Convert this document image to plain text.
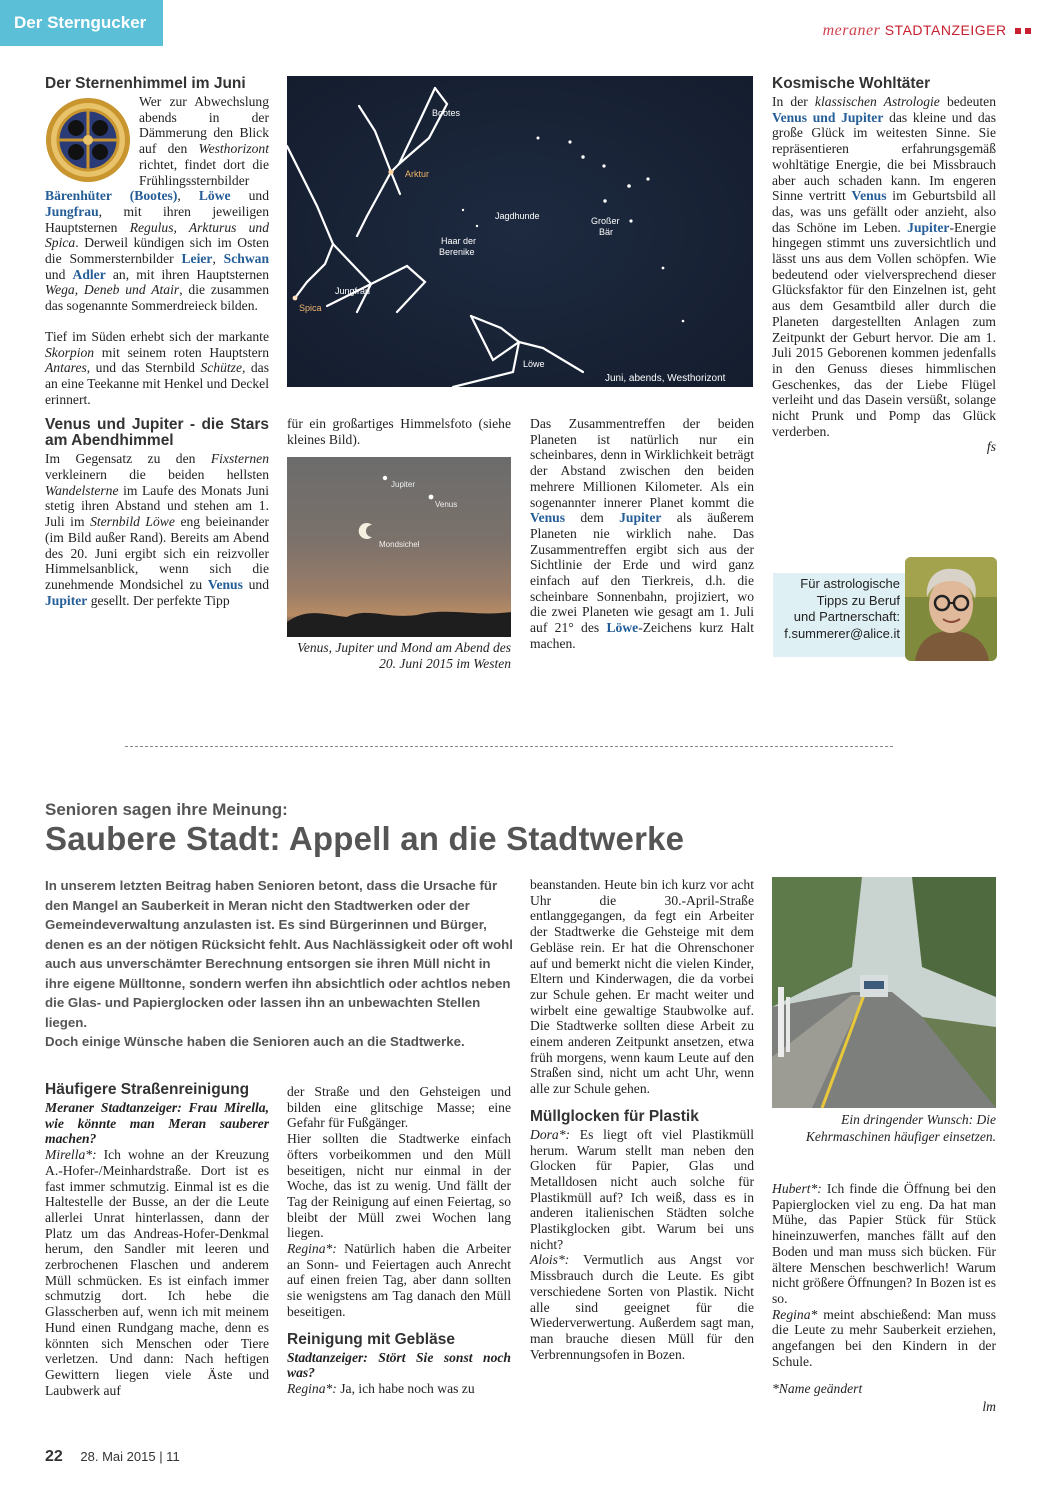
Der Sterngucker	meraner STADTANZEIGER
Der Sternenhimmel im Juni

Wer zur Abwechslung abends in der Dämmerung den Blick auf den Westhorizont richtet, findet dort die Frühlingssternbilder Bärenhüter (Bootes), Löwe und Jungfrau, mit ihren jeweiligen Hauptsternen Regulus, Arkturus und Spica. Derweil kündigen sich im Osten die Sommersternbilder Leier, Schwan und Adler an, mit ihren Hauptsternen Wega, Deneb und Atair, die zusammen das sogenannte Sommerdreieck bilden.

Tief im Süden erhebt sich der markante Skorpion mit seinem roten Hauptstern Antares, und das Sternbild Schütze, das an eine Teekanne mit Henkel und Deckel erinnert.

Venus und Jupiter - die Stars am Abendhimmel

Im Gegensatz zu den Fixsternen verkleinern die beiden hellsten Wandelsterne im Laufe des Monats Juni stetig ihren Abstand und stehen am 1. Juli im Sternbild Löwe eng beieinander (im Bild außer Rand). Bereits am Abend des 20. Juni ergibt sich ein reizvoller Himmelsanblick, wenn sich die zunehmende Mondsichel zu Venus und Jupiter gesellt. Der perfekte Tipp

Bootes
Arktur
Jagdhunde	Großer
Bär
Haar der
Berenike
Jungfrau
Spica
Löwe
Juni, abends, Westhorizont

für ein großartiges Himmelsfoto (siehe kleines Bild).

Jupiter
Venus
Mondsichel
Venus, Jupiter und Mond am Abend des 20. Juni 2015 im Westen

Das Zusammentreffen der beiden Planeten ist natürlich nur ein scheinbares, denn in Wirklichkeit beträgt der Abstand zwischen den beiden mehrere Millionen Kilometer. Als ein sogenannter innerer Planet kommt die Venus dem Jupiter als äußerem Planeten nie wirklich nahe. Das Zusammentreffen ergibt sich aus der Sichtlinie der Erde und wird ganz einfach auf den Tierkreis, d.h. die scheinbare Sonnenbahn, projiziert, wo die zwei Planeten wie gesagt am 1. Juli auf 21° des Löwe-Zeichens kurz Halt machen.

Kosmische Wohltäter

In der klassischen Astrologie bedeuten Venus und Jupiter das kleine und das große Glück im weitesten Sinne. Sie repräsentieren erfahrungsgemäß wohltätige Energie, die bei Missbrauch aber auch schaden kann. Im engeren Sinne vertritt Venus im Geburtsbild all das, was uns gefällt oder anzieht, also das Schöne im Leben. Jupiter-Energie hingegen stimmt uns zuversichtlich und lässt uns aus dem Vollen schöpfen. Wie bedeutend oder vielversprechend dieser Glücksfaktor für den Einzelnen ist, geht aus dem Gesamtbild aller durch die Planeten dargestellten Anlagen zum Zeitpunkt der Geburt hervor. Die am 1. Juli 2015 Geborenen kommen jedenfalls in den Genuss dieses himmlischen Geschenkes, das der Liebe Flügel verleiht und das Dasein versüßt, solange nicht Prunk und Pomp das Glück verderben.

fs

Für astrologische
Tipps zu Beruf
und Partnerschaft:
f.summerer@alice.it
Senioren sagen ihre Meinung:
Saubere Stadt: Appell an die Stadtwerke

In unserem letzten Beitrag haben Senioren betont, dass die Ursache für den Mangel an Sauberkeit in Meran nicht den Stadtwerken oder der Gemeindeverwaltung anzulasten ist. Es sind Bürgerinnen und Bürger, denen es an der nötigen Rücksicht fehlt. Aus Nachlässigkeit oder oft wohl auch aus unverschämter Berechnung entsorgen sie ihren Müll nicht in ihre eigene Mülltonne, sondern werfen ihn absichtlich oder achtlos neben die Glas- und Papierglocken oder lassen ihn an unbewachten Stellen liegen.

Doch einige Wünsche haben die Senioren auch an die Stadtwerke.

Häufigere Straßenreinigung

Meraner Stadtanzeiger: Frau Mirella, wie könnte man Meran sauberer machen?

Mirella*: Ich wohne an der Kreuzung A.-Hofer-/Meinhardstraße. Dort ist es fast immer schmutzig. Einmal ist es die Haltestelle der Busse, an der die Leute allerlei Unrat hinterlassen, dann der Platz um das Andreas-Hofer-Denkmal herum, den Sandler mit leeren und zerbrochenen Flaschen und anderem Müll schmücken. Es ist einfach immer schmutzig dort. Ich hebe die Glasscherben auf, wenn ich mit meinem Hund einen Rundgang mache, denn es könnten sich Menschen oder Tiere verletzen. Und dann: Nach heftigen Gewittern liegen viele Äste und Laubwerk auf

der Straße und den Gehsteigen und bilden eine glitschige Masse; eine Gefahr für Fußgänger.

Hier sollten die Stadtwerke einfach öfters vorbeikommen und den Müll beseitigen, nicht nur einmal in der Woche, das ist zu wenig. Und fällt der Tag der Reinigung auf einen Feiertag, so bleibt der Müll zwei Wochen lang liegen.

Regina*: Natürlich haben die Arbeiter an Sonn- und Feiertagen auch Anrecht auf einen freien Tag, aber dann sollten sie wenigstens am Tag danach den Müll beseitigen.

Reinigung mit Gebläse

Stadtanzeiger: Stört Sie sonst noch was?

Regina*: Ja, ich habe noch was zu

beanstanden. Heute bin ich kurz vor acht Uhr die 30.-April-Straße entlanggegangen, da fegt ein Arbeiter der Stadtwerke die Gehsteige mit dem Gebläse rein. Er hat die Ohrenschoner auf und bemerkt nicht die vielen Kinder, Eltern und Kinderwagen, die da vorbei zur Schule gehen. Er macht weiter und wirbelt eine gewaltige Staubwolke auf. Die Stadtwerke sollten diese Arbeit zu einem anderen Zeitpunkt ansetzen, etwa früh morgens, wenn kaum Leute auf den Straßen sind, nicht um acht Uhr, wenn alle zur Schule gehen.

Müllglocken für Plastik

Dora*: Es liegt oft viel Plastikmüll herum. Warum stellt man neben den Glocken für Papier, Glas und Metalldosen nicht auch solche für Plastikmüll auf? Ich weiß, dass es in anderen italienischen Städten solche Plastikglocken gibt. Warum bei uns nicht?

Alois*: Vermutlich aus Angst vor Missbrauch durch die Leute. Es gibt verschiedene Sorten von Plastik. Nicht alle sind geeignet für die Wiederverwertung. Außerdem sagt man, man brauche diesen Müll für den Verbrennungsofen in Bozen.

Ein dringender Wunsch: Die Kehrmaschinen häufiger einsetzen.

Hubert*: Ich finde die Öffnung bei den Papierglocken viel zu eng. Da hat man Mühe, das Papier Stück für Stück hineinzuwerfen, manches fällt auf den Boden und man muss sich bücken. Für ältere Menschen beschwerlich! Warum nicht größere Öffnungen? In Bozen ist es so.

Regina* meint abschießend: Man muss die Leute zu mehr Sauberkeit erziehen, angefangen bei den Kindern in der Schule.

*Name geändert

lm

22 28. Mai 2015 | 11
